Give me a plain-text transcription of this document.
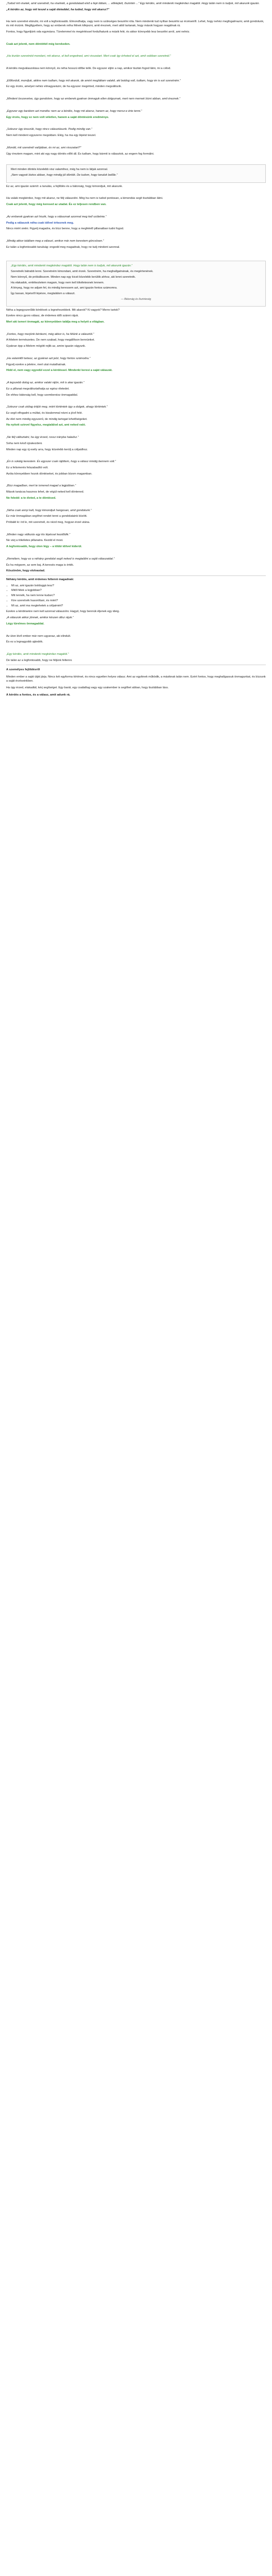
„Tudod mit viselek, amit szeretnél, ha viselnék, a gondolataid első a fejé láttam, ... elfelejtett, őszintén ...” Egy kérdés, amit mindenki megkérdez magától. Hogy talán nem is tudjuk, mit akarunk igazán.

„A kérdés az, hogy mit teszel a saját életeddel, ha tudod, hogy mit akarsz?”

Ha nem szeretné elárulni, mi volt a legfontosabb. Elmondhatja, vagy nem is szükséges beszélni róla. Nem mindenki tud nyíltan beszélni az érzéseiről. Lehet, hogy nehéz megfogalmazni, amit gondolunk, és mit érzünk. Megfigyeltem, hogy az emberek néha félnek kifejezni, amit éreznek, mert attól tartanak, hogy mások hogyan reagálnak rá.

Fontos, hogy figyeljünk oda egymásra. Türelemmel és megértéssel fordulhatunk a másik felé, és akkor könnyebb lesz beszélni arról, ami nehéz.

Csak azt jelenti, nem döntöttél még kerekeden.

„Ha tisztán szeretnéd mondani, mit akarsz, el kell engedned, ami visszatart. Mert csak így érheted el azt, amit valóban szeretnél.”

A kérdés megválaszolása nem könnyű, és néha hosszú időbe telik. De egyszer eljön a nap, amikor tisztán fogod látni, mi a célod.

„Előfordult, mondjuk, akikre nem tudtam, hogy mit akarok, de amint megláttam valakit, aki boldog volt, tudtam, hogy én is ezt szeretném.”

Ez egy érzés, amelyet nehéz elmagyarázni, de ha egyszer megérted, minden megváltozik.

„Mindent összevetve, úgy gondolom, hogy az emberek gyakran önmaguk ellen dolgoznak, mert nem mernek bízni abban, amit éreznek.”

„Egyszer egy barátom azt mondta: nem az a kérdés, hogy mit akarsz, hanem az, hogy mersz-e érte tenni.”

Egy érzés, hogy ez nem volt véletlen, hanem a saját döntésünk eredménye.

„Sokszor úgy érezzük, hogy nincs választásunk. Pedig mindig van.”

Nem kell mindent egyszerre megoldani. Elég, ha ma egy lépést teszel.

„Mondd, mit szeretnél valójában, és mi az, ami visszatart?”

Úgy éreztem magam, mint aki egy nagy döntés előtt áll. És tudtam, hogy bármit is választok, az engem fog formálni.

Mert minden döntés közelebb visz valamihez, még ha nem is látjuk azonnal.

„Nem vagyok biztos abban, hogy mindig jól döntök. De tudom, hogy tanulok belőle.”

Ez az, ami igazán számít: a tanulás, a fejlődés és a bátorság, hogy kimondjuk, mit akarunk.

Ha valaki megkérdez, hogy mit akarsz, ne félj válaszolni. Még ha nem is tudod pontosan, a kimondás segít tisztábban látni.

Csak azt jelenti, hogy még keresed az utadat. És ez teljesen rendben van.

„Az emberek gyakran azt hiszik, hogy a válasznak azonnal meg kell születnie.”

Pedig a válaszok néha csak idővel érkeznek meg.

Nincs miért sietni. Figyelj magadra, és bízz benne, hogy a megfelelő pillanatban tudni fogod.

„Mindig akkor találtam meg a választ, amikor már nem kerestem görcsösen.”

Ez talán a legfontosabb tanulság: engedd meg magadnak, hogy ne tudj mindent azonnal.

„Egy kérdés, amit mindenki megkérdez magától. Hogy talán nem is tudjuk, mit akarunk igazán.”

Szeretnék bátrabb lenni. Szeretném kimondani, amit érzek. Szeretném, ha meghallgatnának, és megértenének.

Nem könnyű, de próbálkozom. Minden nap egy kicsit közelebb kerülök ahhoz, aki lenni szeretnék.

Ha elakadok, emlékeztetem magam, hogy nem kell tökéletesnek lennem.

A lényeg, hogy ne adjam fel, és mindig keressem azt, ami igazán fontos számomra.

Így lassan, lépésről lépésre, megtalálom a választ.

— Bátorság és őszinteség

Néha a legegyszerűbb kérdések a legnehezebbek. Mit akarok? Ki vagyok? Merre tartok?

Ezekre nincs gyors válasz, de érdemes időt szánni rájuk.

Mert aki ismeri önmagát, az könnyebben találja meg a helyét a világban.

„Fontos, hogy merjünk kérdezni, még akkor is, ha félünk a választól.”

A félelem természetes. De nem szabad, hogy megállítson bennünket.

Gyakran épp a félelem mögött rejlik az, amire igazán vágyunk.

„Ha valamitől tartasz, az gyakran azt jelzi, hogy fontos számodra.”

Figyelj ezekre a jelekre, mert utat mutathatnak.

Hidd el, nem vagy egyedül ezzel a kérdéssel. Mindenki keresi a saját válaszát.

„A legszebb dolog az, amikor valaki rájön, mit is akar igazán.”

Ez a pillanat megváltoztathatja az egész életedet.

De ehhez bátorság kell, hogy szembenézz önmagaddal.

„Sokszor csak utólag értjük meg, miért történtek úgy a dolgok, ahogy történtek.”

Ez segít elfogadni a múltat, és bizalommal nézni a jövő felé.

Az élet nem mindig egyszerű, de mindig tartogat lehetőségeket.

Ha nyitott szívvel figyelsz, megtalálod azt, ami neked való.

„Ne félj változtatni, ha úgy érzed, rossz irányba haladsz.”

Soha nem késő újrakezdeni.

Minden nap egy új esély arra, hogy közelebb kerülj a céljaidhoz.

„Én is sokáig kerestem. És egyszer csak rájöttem, hogy a válasz mindig bennem volt.”

Ez a felismerés felszabadító volt.

Azóta könnyebben hozok döntéseket, és jobban bízom magamban.

„Bízz magadban, mert te ismered magad a legjobban.”

Mások tanácsa hasznos lehet, de végül neked kell döntened.

Ne feledd: a te életed, a te döntésed.

„Néha csak annyi kell, hogy kimondjuk hangosan, amit gondolunk.”

Ez már önmagában segíthet rendet tenni a gondolataink között.

Próbáld ki: írd le, mit szeretnél, és nézd meg, hogyan érzel utána.

„Minden nagy változás egy kis lépéssel kezdődik.”

Ne várj a tökéletes pillanatra. Kezdd el most.

A legfontosabb, hogy úton légy – a többi idővel kiderül.

„Remélem, hogy ez a néhány gondolat segít neked is megtalálni a saját válaszaidat.”

És ha mégsem, az sem baj. A keresés maga is érték.

Köszönöm, hogy elolvastad.

Néhány kérdés, amit érdemes feltenni magadnak:

• Mi az, ami igazán boldoggá tesz?
• Mitől félek a legjobban?
• Mit tennék, ha nem lenne kudarc?
• Kire szeretnék hasonlítani, és miért?
• Mi az, amit ma megtehetek a céljaimért?

Ezekre a kérdésekre nem kell azonnal válaszolni. Hagyd, hogy bennük éljenek egy ideig.

„A válaszok akkor jönnek, amikor készen állsz rájuk.”

Légy türelmes önmagaddal.

Az úton lévő ember már nem ugyanaz, aki elindult.

És ez a legnagyobb ajándék.

„Egy kérdés, amit mindenki megkérdez magától.”

De talán az a legfontosabb, hogy ne féljünk feltenni.

A személyes fejlődésről

Minden ember a saját útját járja. Nincs két egyforma történet, és nincs egyetlen helyes válasz. Ami az egyiknek működik, a másiknak talán nem. Ezért fontos, hogy meghallgassuk önmagunkat, és bízzunk a saját érzéseinkben.

Ha úgy érzed, elakadtál, kérj segítséget. Egy barát, egy családtag vagy egy szakember is segíthet abban, hogy tisztábban láss.

A kérdés a fontos, és a válasz, amit adunk rá.
